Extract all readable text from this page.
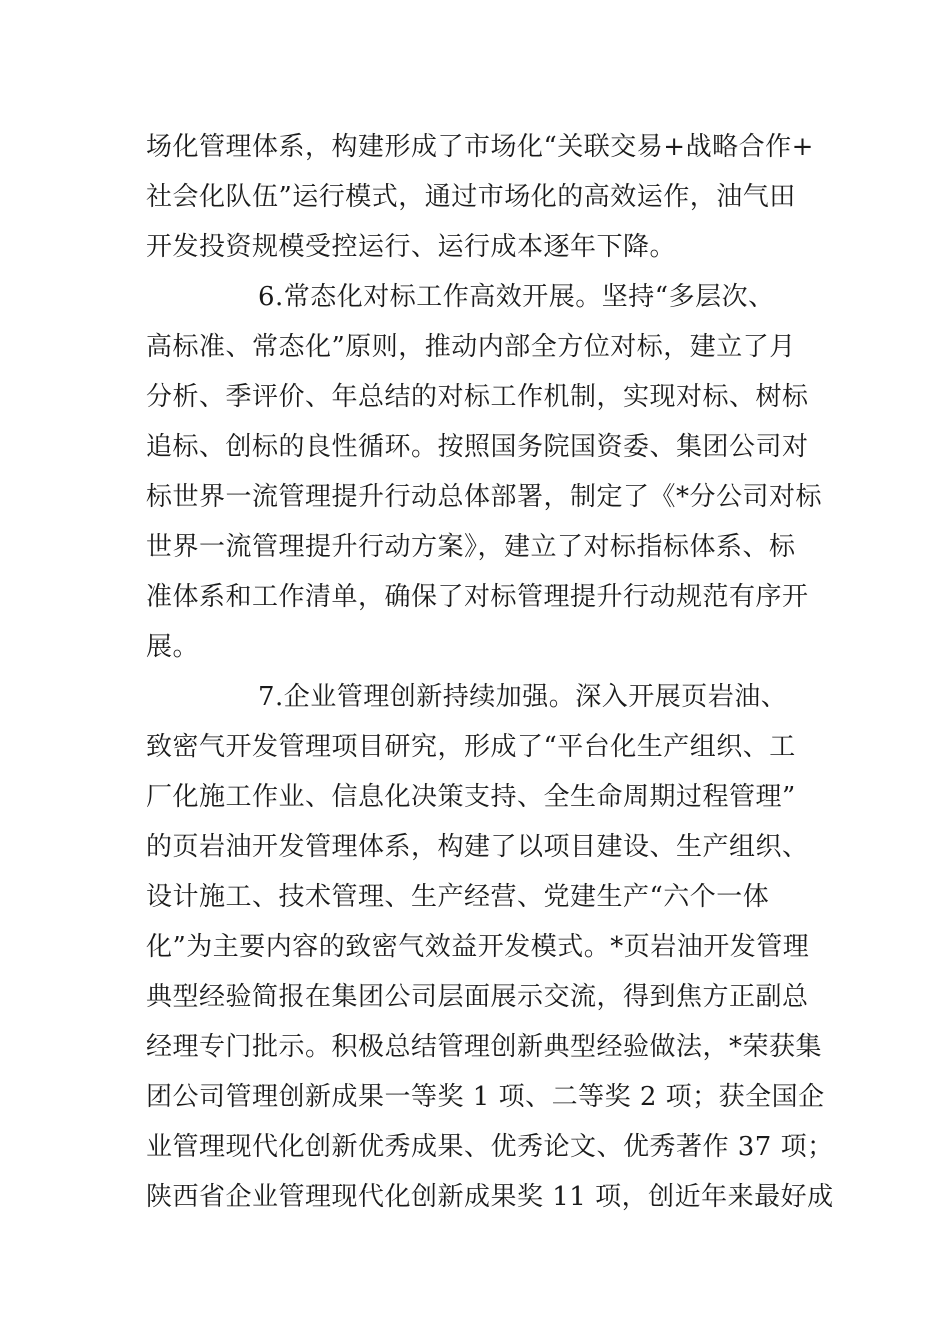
场化管理体系，构建形成了市场化“关联交易+战略合作+
社会化队伍”运行模式，通过市场化的高效运作，油气田
开发投资规模受控运行、运行成本逐年下降。
6.常态化对标工作高效开展。坚持“多层次、
高标准、常态化”原则，推动内部全方位对标，建立了月
分析、季评价、年总结的对标工作机制，实现对标、树标
追标、创标的良性循环。按照国务院国资委、集团公司对
标世界一流管理提升行动总体部署，制定了《*分公司对标
世界一流管理提升行动方案》，建立了对标指标体系、标
准体系和工作清单，确保了对标管理提升行动规范有序开
展。
7.企业管理创新持续加强。深入开展页岩油、
致密气开发管理项目研究，形成了“平台化生产组织、工
厂化施工作业、信息化决策支持、全生命周期过程管理”
的页岩油开发管理体系，构建了以项目建设、生产组织、
设计施工、技术管理、生产经营、党建生产“六个一体
化”为主要内容的致密气效益开发模式。*页岩油开发管理
典型经验简报在集团公司层面展示交流，得到焦方正副总
经理专门批示。积极总结管理创新典型经验做法，*荣获集
团公司管理创新成果一等奖 1 项、二等奖 2 项；获全国企
业管理现代化创新优秀成果、优秀论文、优秀著作 37 项；
陕西省企业管理现代化创新成果奖 11 项，创近年来最好成
